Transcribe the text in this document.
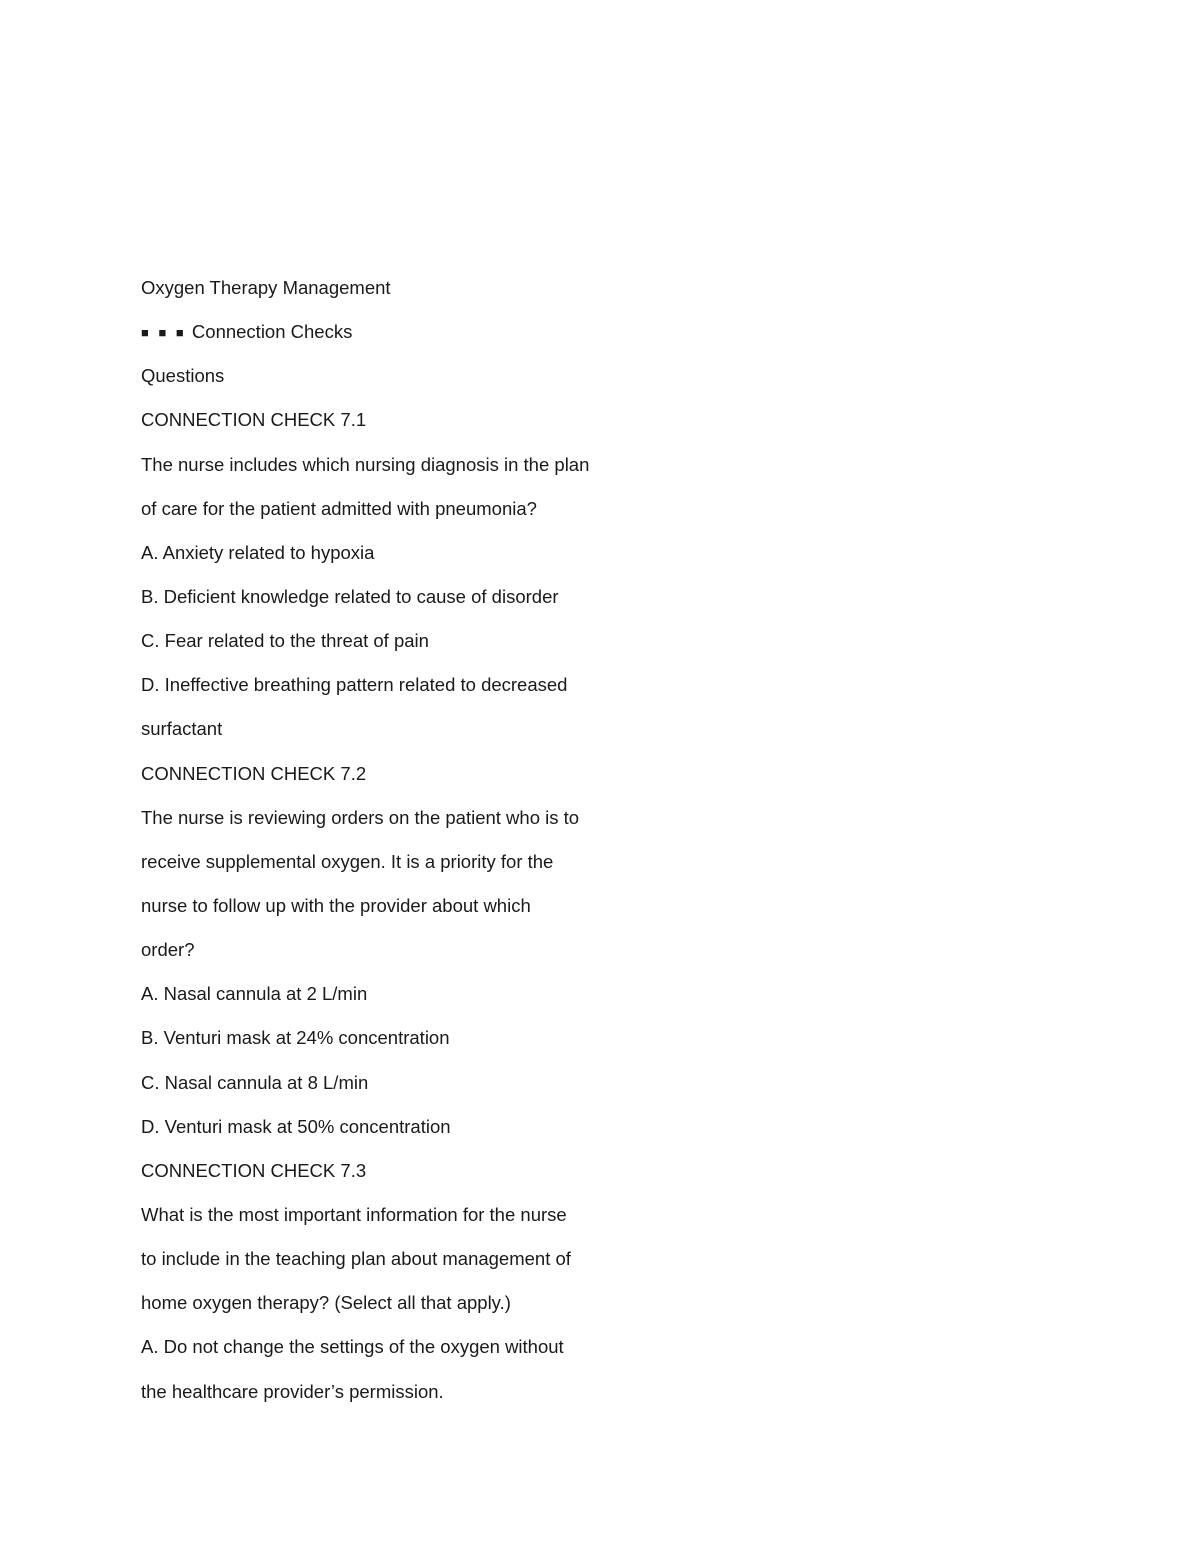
Oxygen Therapy Management
■ ■ ■ Connection Checks
Questions
CONNECTION CHECK 7.1
The nurse includes which nursing diagnosis in the plan
of care for the patient admitted with pneumonia?
A. Anxiety related to hypoxia
B. Deficient knowledge related to cause of disorder
C. Fear related to the threat of pain
D. Ineffective breathing pattern related to decreased
surfactant
CONNECTION CHECK 7.2
The nurse is reviewing orders on the patient who is to
receive supplemental oxygen. It is a priority for the
nurse to follow up with the provider about which
order?
A. Nasal cannula at 2 L/min
B. Venturi mask at 24% concentration
C. Nasal cannula at 8 L/min
D. Venturi mask at 50% concentration
CONNECTION CHECK 7.3
What is the most important information for the nurse
to include in the teaching plan about management of
home oxygen therapy? (Select all that apply.)
A. Do not change the settings of the oxygen without
the healthcare provider’s permission.
